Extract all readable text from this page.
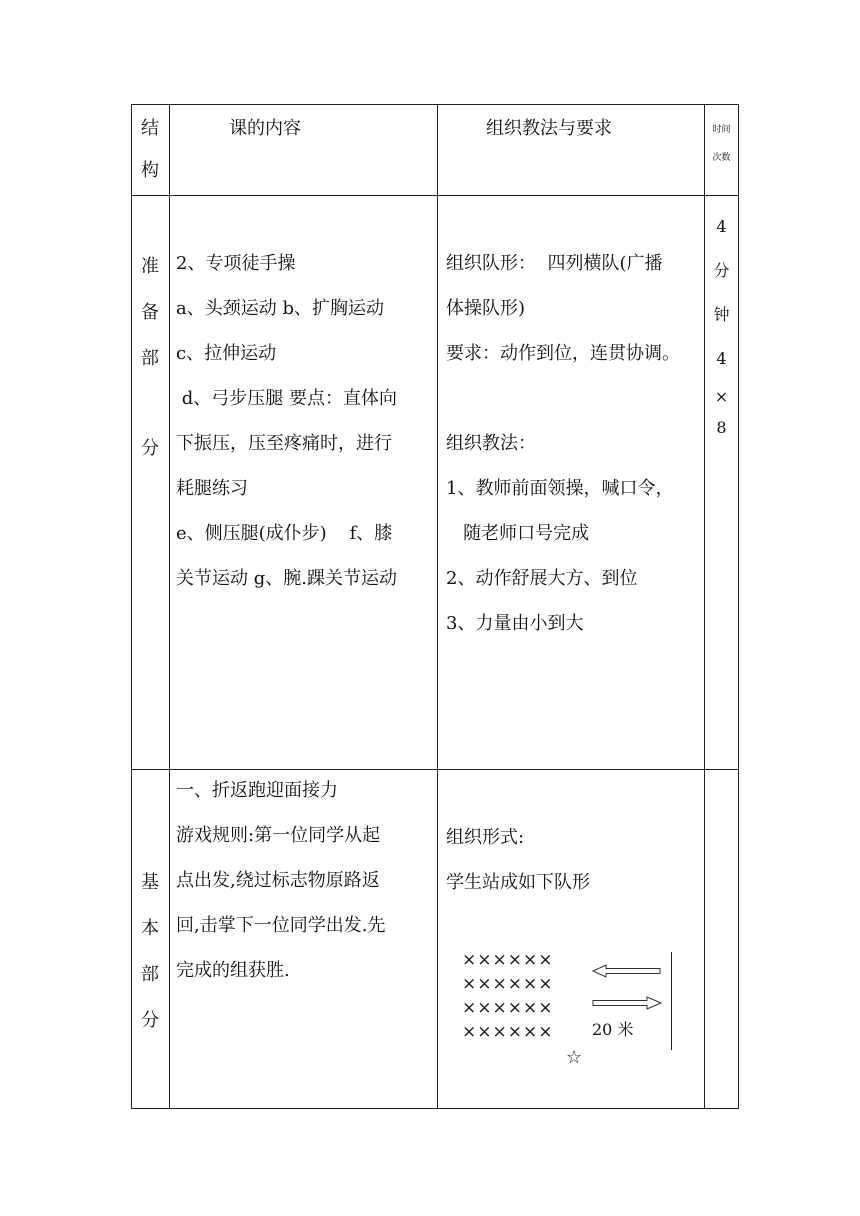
结
构
课的内容	组织教法与要求	时间
次数
准
备
部
分
2、专项徒手操
a、头颈运动 b、扩胸运动
c、拉伸运动
d、弓步压腿 要点：直体向
下振压，压至疼痛时，进行
耗腿练习
e、侧压腿(成仆步)    f、膝
关节运动 g、腕.踝关节运动
组织队形：  四列横队(广播
体操队形)
要求：动作到位，连贯协调。
组织教法：
1、教师前面领操，喊口令，
随老师口号完成
2、动作舒展大方、到位
3、力量由小到大
4
分
钟
4
×
8
基
本
部
分
一、折返跑迎面接力
游戏规则:第一位同学从起
点出发,绕过标志物原路返
回,击掌下一位同学出发.先
完成的组获胜.
组织形式:
学生站成如下队形
××××××
××××××
××××××
×××××× 20 米
☆
